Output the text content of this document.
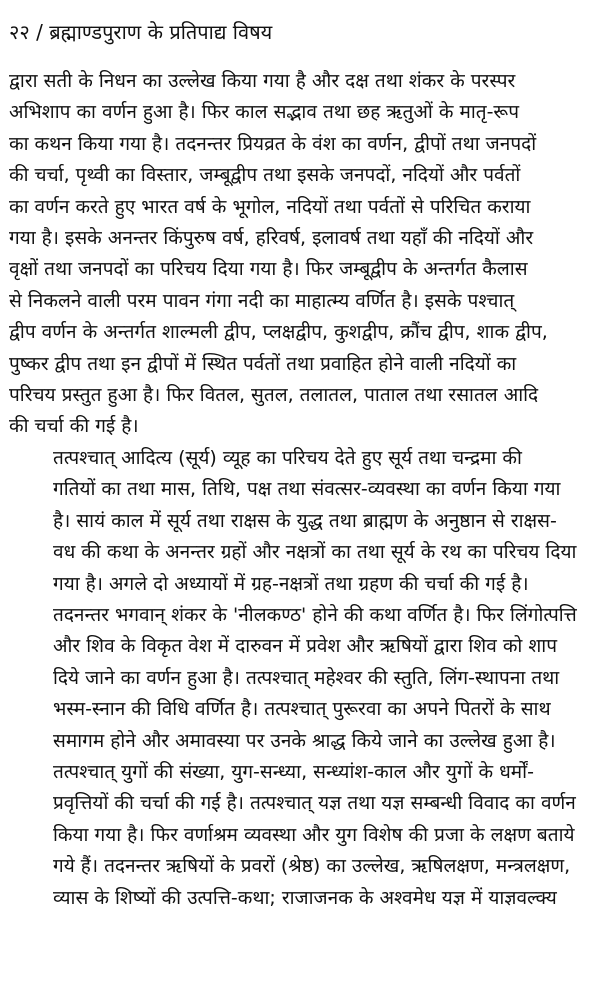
२२ / ब्रह्माण्डपुराण के प्रतिपाद्य विषय
द्वारा सती के निधन का उल्लेख किया गया है और दक्ष तथा शंकर के परस्पर
अभिशाप का वर्णन हुआ है। फिर काल सद्भाव तथा छह ऋतुओं के मातृ-रूप
का कथन किया गया है। तदनन्तर प्रियव्रत के वंश का वर्णन, द्वीपों तथा जनपदों
की चर्चा, पृथ्वी का विस्तार, जम्बूद्वीप तथा इसके जनपदों, नदियों और पर्वतों
का वर्णन करते हुए भारत वर्ष के भूगोल, नदियों तथा पर्वतों से परिचित कराया
गया है। इसके अनन्तर किंपुरुष वर्ष, हरिवर्ष, इलावर्ष तथा यहाँ की नदियों और
वृक्षों तथा जनपदों का परिचय दिया गया है। फिर जम्बूद्वीप के अन्तर्गत कैलास
से निकलने वाली परम पावन गंगा नदी का माहात्म्य वर्णित है। इसके पश्चात्
द्वीप वर्णन के अन्तर्गत शाल्मली द्वीप, प्लक्षद्वीप, कुशद्वीप, क्रौंच द्वीप, शाक द्वीप,
पुष्कर द्वीप तथा इन द्वीपों में स्थित पर्वतों तथा प्रवाहित होने वाली नदियों का
परिचय प्रस्तुत हुआ है। फिर वितल, सुतल, तलातल, पाताल तथा रसातल आदि
की चर्चा की गई है।
तत्पश्चात् आदित्य (सूर्य) व्यूह का परिचय देते हुए सूर्य तथा चन्द्रमा की
गतियों का तथा मास, तिथि, पक्ष तथा संवत्सर-व्यवस्था का वर्णन किया गया
है। सायं काल में सूर्य तथा राक्षस के युद्ध तथा ब्राह्मण के अनुष्ठान से राक्षस-
वध की कथा के अनन्तर ग्रहों और नक्षत्रों का तथा सूर्य के रथ का परिचय दिया
गया है। अगले दो अध्यायों में ग्रह-नक्षत्रों तथा ग्रहण की चर्चा की गई है।
तदनन्तर भगवान् शंकर के 'नीलकण्ठ' होने की कथा वर्णित है। फिर लिंगोत्पत्ति
और शिव के विकृत वेश में दारुवन में प्रवेश और ऋषियों द्वारा शिव को शाप
दिये जाने का वर्णन हुआ है। तत्पश्चात् महेश्वर की स्तुति, लिंग-स्थापना तथा
भस्म-स्नान की विधि वर्णित है। तत्पश्चात् पुरूरवा का अपने पितरों के साथ
समागम होने और अमावस्या पर उनके श्राद्ध किये जाने का उल्लेख हुआ है।
तत्पश्चात् युगों की संख्या, युग-सन्ध्या, सन्ध्यांश-काल और युगों के धर्मों-
प्रवृत्तियों की चर्चा की गई है। तत्पश्चात् यज्ञ तथा यज्ञ सम्बन्धी विवाद का वर्णन
किया गया है। फिर वर्णाश्रम व्यवस्था और युग विशेष की प्रजा के लक्षण बताये
गये हैं। तदनन्तर ऋषियों के प्रवरों (श्रेष्ठ) का उल्लेख, ऋषिलक्षण, मन्त्रलक्षण,
व्यास के शिष्यों की उत्पत्ति-कथा; राजाजनक के अश्वमेध यज्ञ में याज्ञवल्क्य
